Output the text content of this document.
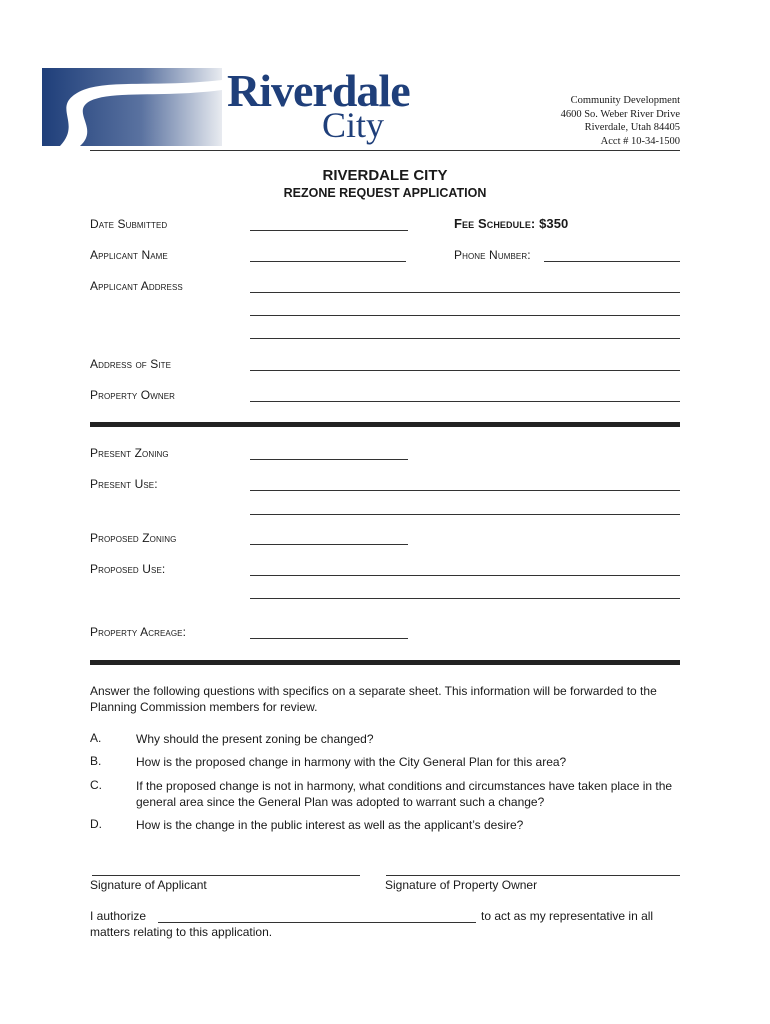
Riverdale
City
Community Development
4600 So. Weber River Drive
Riverdale, Utah 84405
Acct # 10-34-1500
RIVERDALE CITY
REZONE REQUEST APPLICATION
Date Submitted	Fee Schedule: $350
Applicant Name	Phone Number:
Applicant Address
Address of Site
Property Owner
Present Zoning
Present Use:
Proposed Zoning
Proposed Use:
Property Acreage:
Answer the following questions with specifics on a separate sheet. This information will be forwarded to the Planning Commission members for review.
A.	Why should the present zoning be changed?
B.	How is the proposed change in harmony with the City General Plan for this area?
C.	If the proposed change is not in harmony, what conditions and circumstances have taken place in the general area since the General Plan was adopted to warrant such a change?
D.	How is the change in the public interest as well as the applicant’s desire?
Signature of Applicant	Signature of Property Owner
I authorize	to act as my representative in all
matters relating to this application.
